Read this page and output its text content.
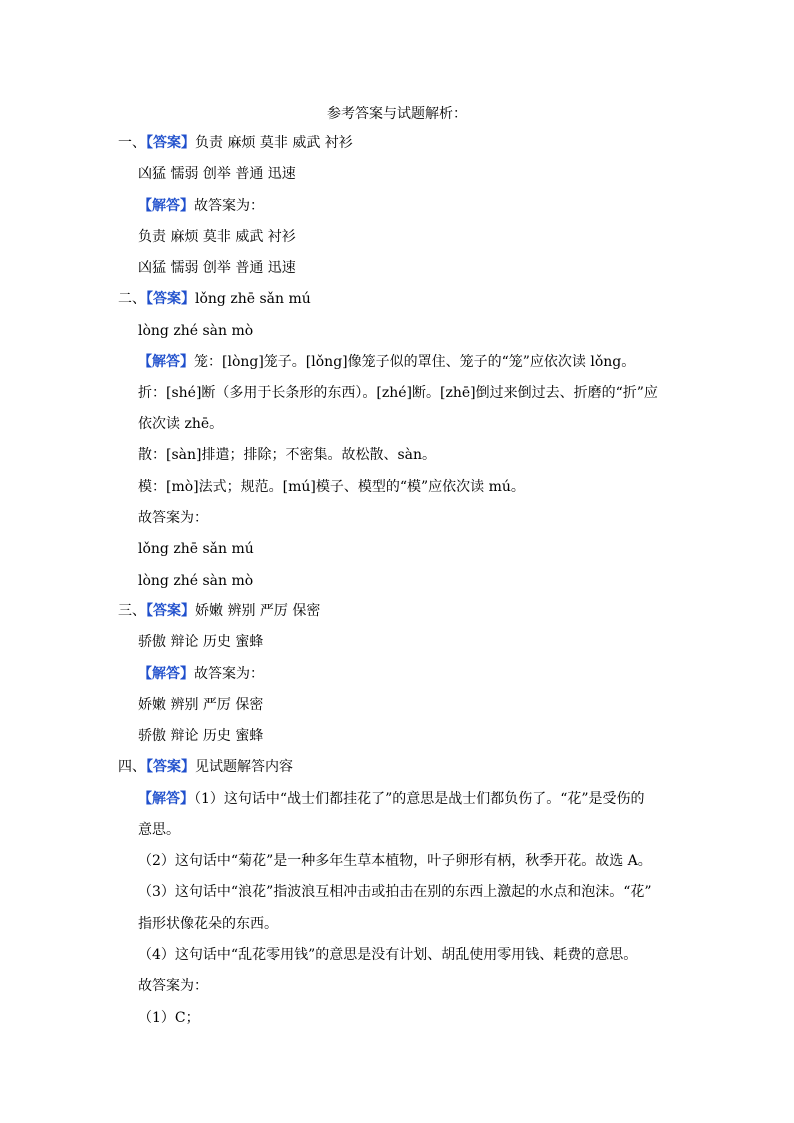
参考答案与试题解析：
一、【答案】负责 麻烦 莫非 威武 衬衫
凶猛 懦弱 创举 普通 迅速
【解答】故答案为：
负责 麻烦 莫非 威武 衬衫
凶猛 懦弱 创举 普通 迅速
二、【答案】lǒng zhē sǎn mú
lòng zhé sàn mò
【解答】笼：[lòng]笼子。[lǒng]像笼子似的罩住、笼子的“笼”应依次读 lǒng。
折：[shé]断（多用于长条形的东西）。[zhé]断。[zhē]倒过来倒过去、折磨的“折”应
依次读 zhē。
散：[sàn]排遣；排除；不密集。故松散、sàn。
模：[mò]法式；规范。[mú]模子、模型的“模”应依次读 mú。
故答案为：
lǒng zhē sǎn mú
lòng zhé sàn mò
三、【答案】娇嫩 辨别 严厉 保密
骄傲 辩论 历史 蜜蜂
【解答】故答案为：
娇嫩 辨别 严厉 保密
骄傲 辩论 历史 蜜蜂
四、【答案】见试题解答内容
【解答】（1）这句话中“战士们都挂花了”的意思是战士们都负伤了。“花”是受伤的
意思。
（2）这句话中“菊花”是一种多年生草本植物，叶子卵形有柄，秋季开花。故选 A。
（3）这句话中“浪花”指波浪互相冲击或拍击在别的东西上激起的水点和泡沫。“花”
指形状像花朵的东西。
（4）这句话中“乱花零用钱”的意思是没有计划、胡乱使用零用钱、耗费的意思。
故答案为：
（1）C；
